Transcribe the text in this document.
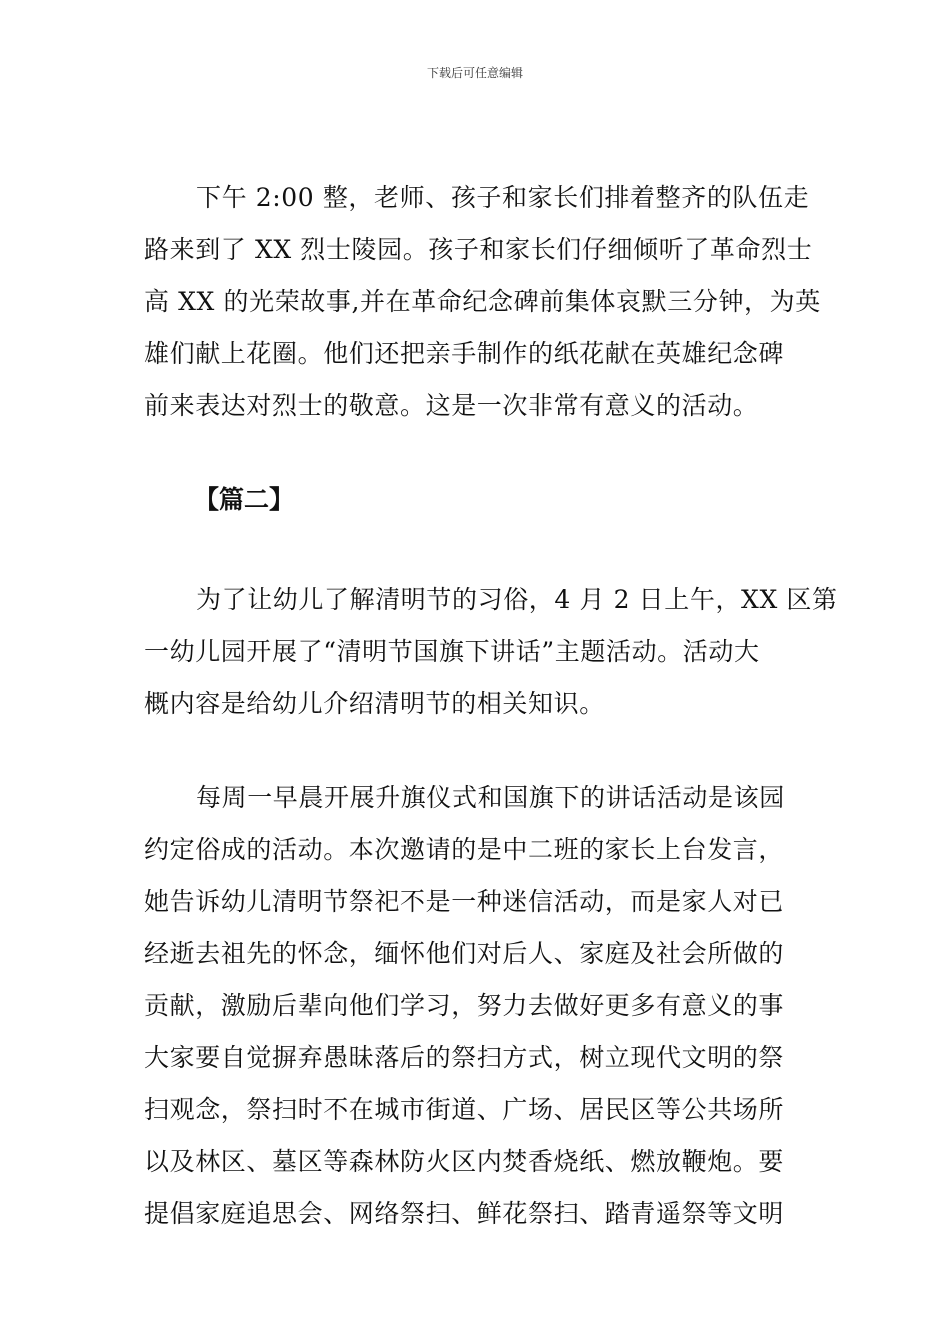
下载后可任意编辑
下午 2:00 整，老师、孩子和家长们排着整齐的队伍走
路来到了 XX 烈士陵园。孩子和家长们仔细倾听了革命烈士
高 XX 的光荣故事,并在革命纪念碑前集体哀默三分钟，为英
雄们献上花圈。他们还把亲手制作的纸花献在英雄纪念碑
前来表达对烈士的敬意。这是一次非常有意义的活动。
【篇二】
为了让幼儿了解清明节的习俗，4 月 2 日上午，XX 区第
一幼儿园开展了“清明节国旗下讲话”主题活动。活动大
概内容是给幼儿介绍清明节的相关知识。
每周一早晨开展升旗仪式和国旗下的讲话活动是该园
约定俗成的活动。本次邀请的是中二班的家长上台发言，
她告诉幼儿清明节祭祀不是一种迷信活动，而是家人对已
经逝去祖先的怀念，缅怀他们对后人、家庭及社会所做的
贡献，激励后辈向他们学习，努力去做好更多有意义的事
大家要自觉摒弃愚昧落后的祭扫方式，树立现代文明的祭
扫观念，祭扫时不在城市街道、广场、居民区等公共场所
以及林区、墓区等森林防火区内焚香烧纸、燃放鞭炮。要
提倡家庭追思会、网络祭扫、鲜花祭扫、踏青遥祭等文明
